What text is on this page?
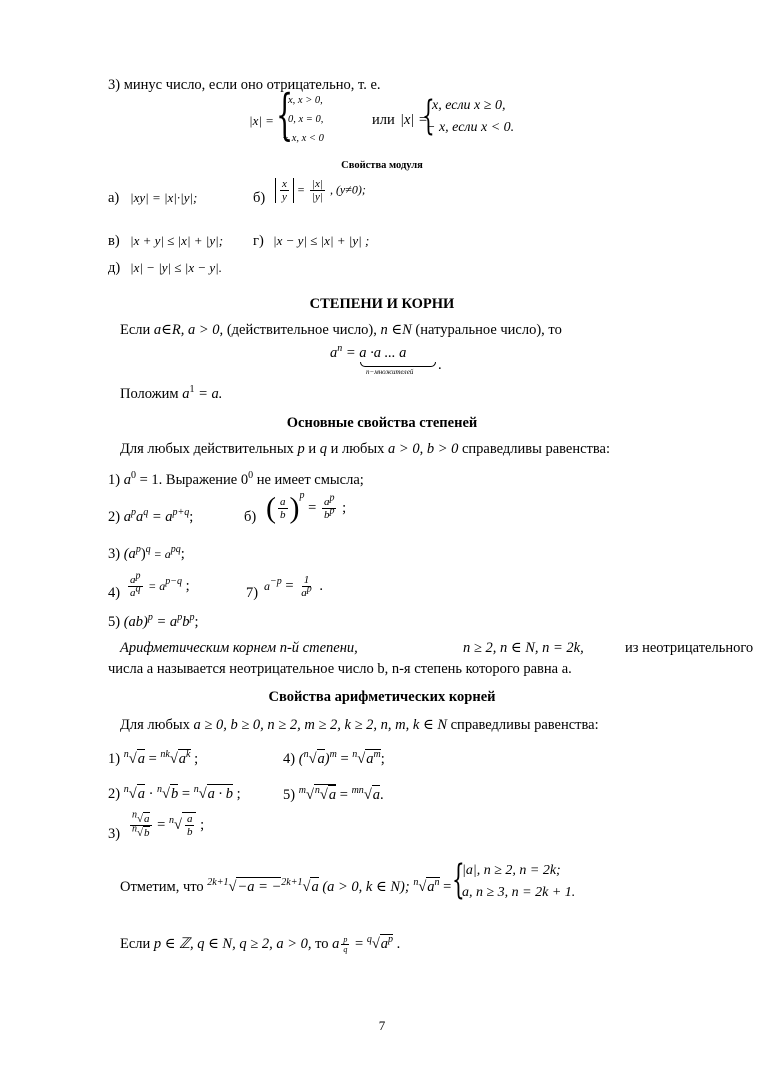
3) минус число, если оно отрицательно, т. е.
|x| = {
x, x > 0,
0, x = 0,
− x, x < 0
или |x| =
{
x, если x ≥ 0,
− x, если x < 0.
Свойства модуля
а) |xy| = |x|·|y|;	$б) \frac{x}{y} = \frac{|x|}{|y|}$ , (y≠0);
в) |x + y| ≤ |x| + |y|; г) |x − y| ≤ |x| + |y| ;
д) |x| − |y| ≤ |x − y|.
СТЕПЕНИ И КОРНИ
Если a∈R, a > 0, (действительное число), n ∈N (натуральное число), то
$a^n = a \cdot a$ ... a
n−множителей .
Положим $a^1 = a$.
Основные свойства степеней
Для любых действительных p и q и любых a > 0, b > 0 справедливы равенства:
1) $a^0 = 1$. Выражение $0^0$ не имеет смысла;
2) $a^pa^q = a^{p+q}$;	б) ( $\frac{a}{b} )^p = \frac{ap}{bp}$ ;
3) $(a^p)^q = a^{pq}$;
$4) \frac{ap}{aq} = a^{p-q}$ ;	7) $a^{-p} = \frac{1}{ap}$ .
5) $(ab)^p = a^pb^p$;
Арифметическим корнем n-й степени,	n ≥ 2, n ∈ N, n = 2k,	из неотрицательного
числа a называется неотрицательное число b, n-я степень которого равна a.
Свойства арифметических корней
Для любых a ≥ 0, b ≥ 0, n ≥ 2, m ≥ 2, k ≥ 2, n, m, k ∈ N справедливы равенства:
1) $^n√a = ^{nk}√a^k$ ;	4) $(^n√a)^m = ^n√a^m$;
2) $^n$√a · $^n$√b = $^n$√a · b ;	5) $^m$√$^n$√a = $^{mn}$√a.
$3) \frac{n√a}{n√b} = ^n√ \frac{a}{b}$ ;
Отметим, что $^{2k+1}$√−a = −$^{2k+1}$√a (a > 0, k ∈ N); $^n√a^n$ = {
|a|, n ≥ 2, n = 2k;
a, n ≥ 3, n = 2k + 1.
Если p ∈ ℤ, q ∈ N, q ≥ 2, a > 0, то a $\frac{p}{q} = ^q√a^p$ .
7
